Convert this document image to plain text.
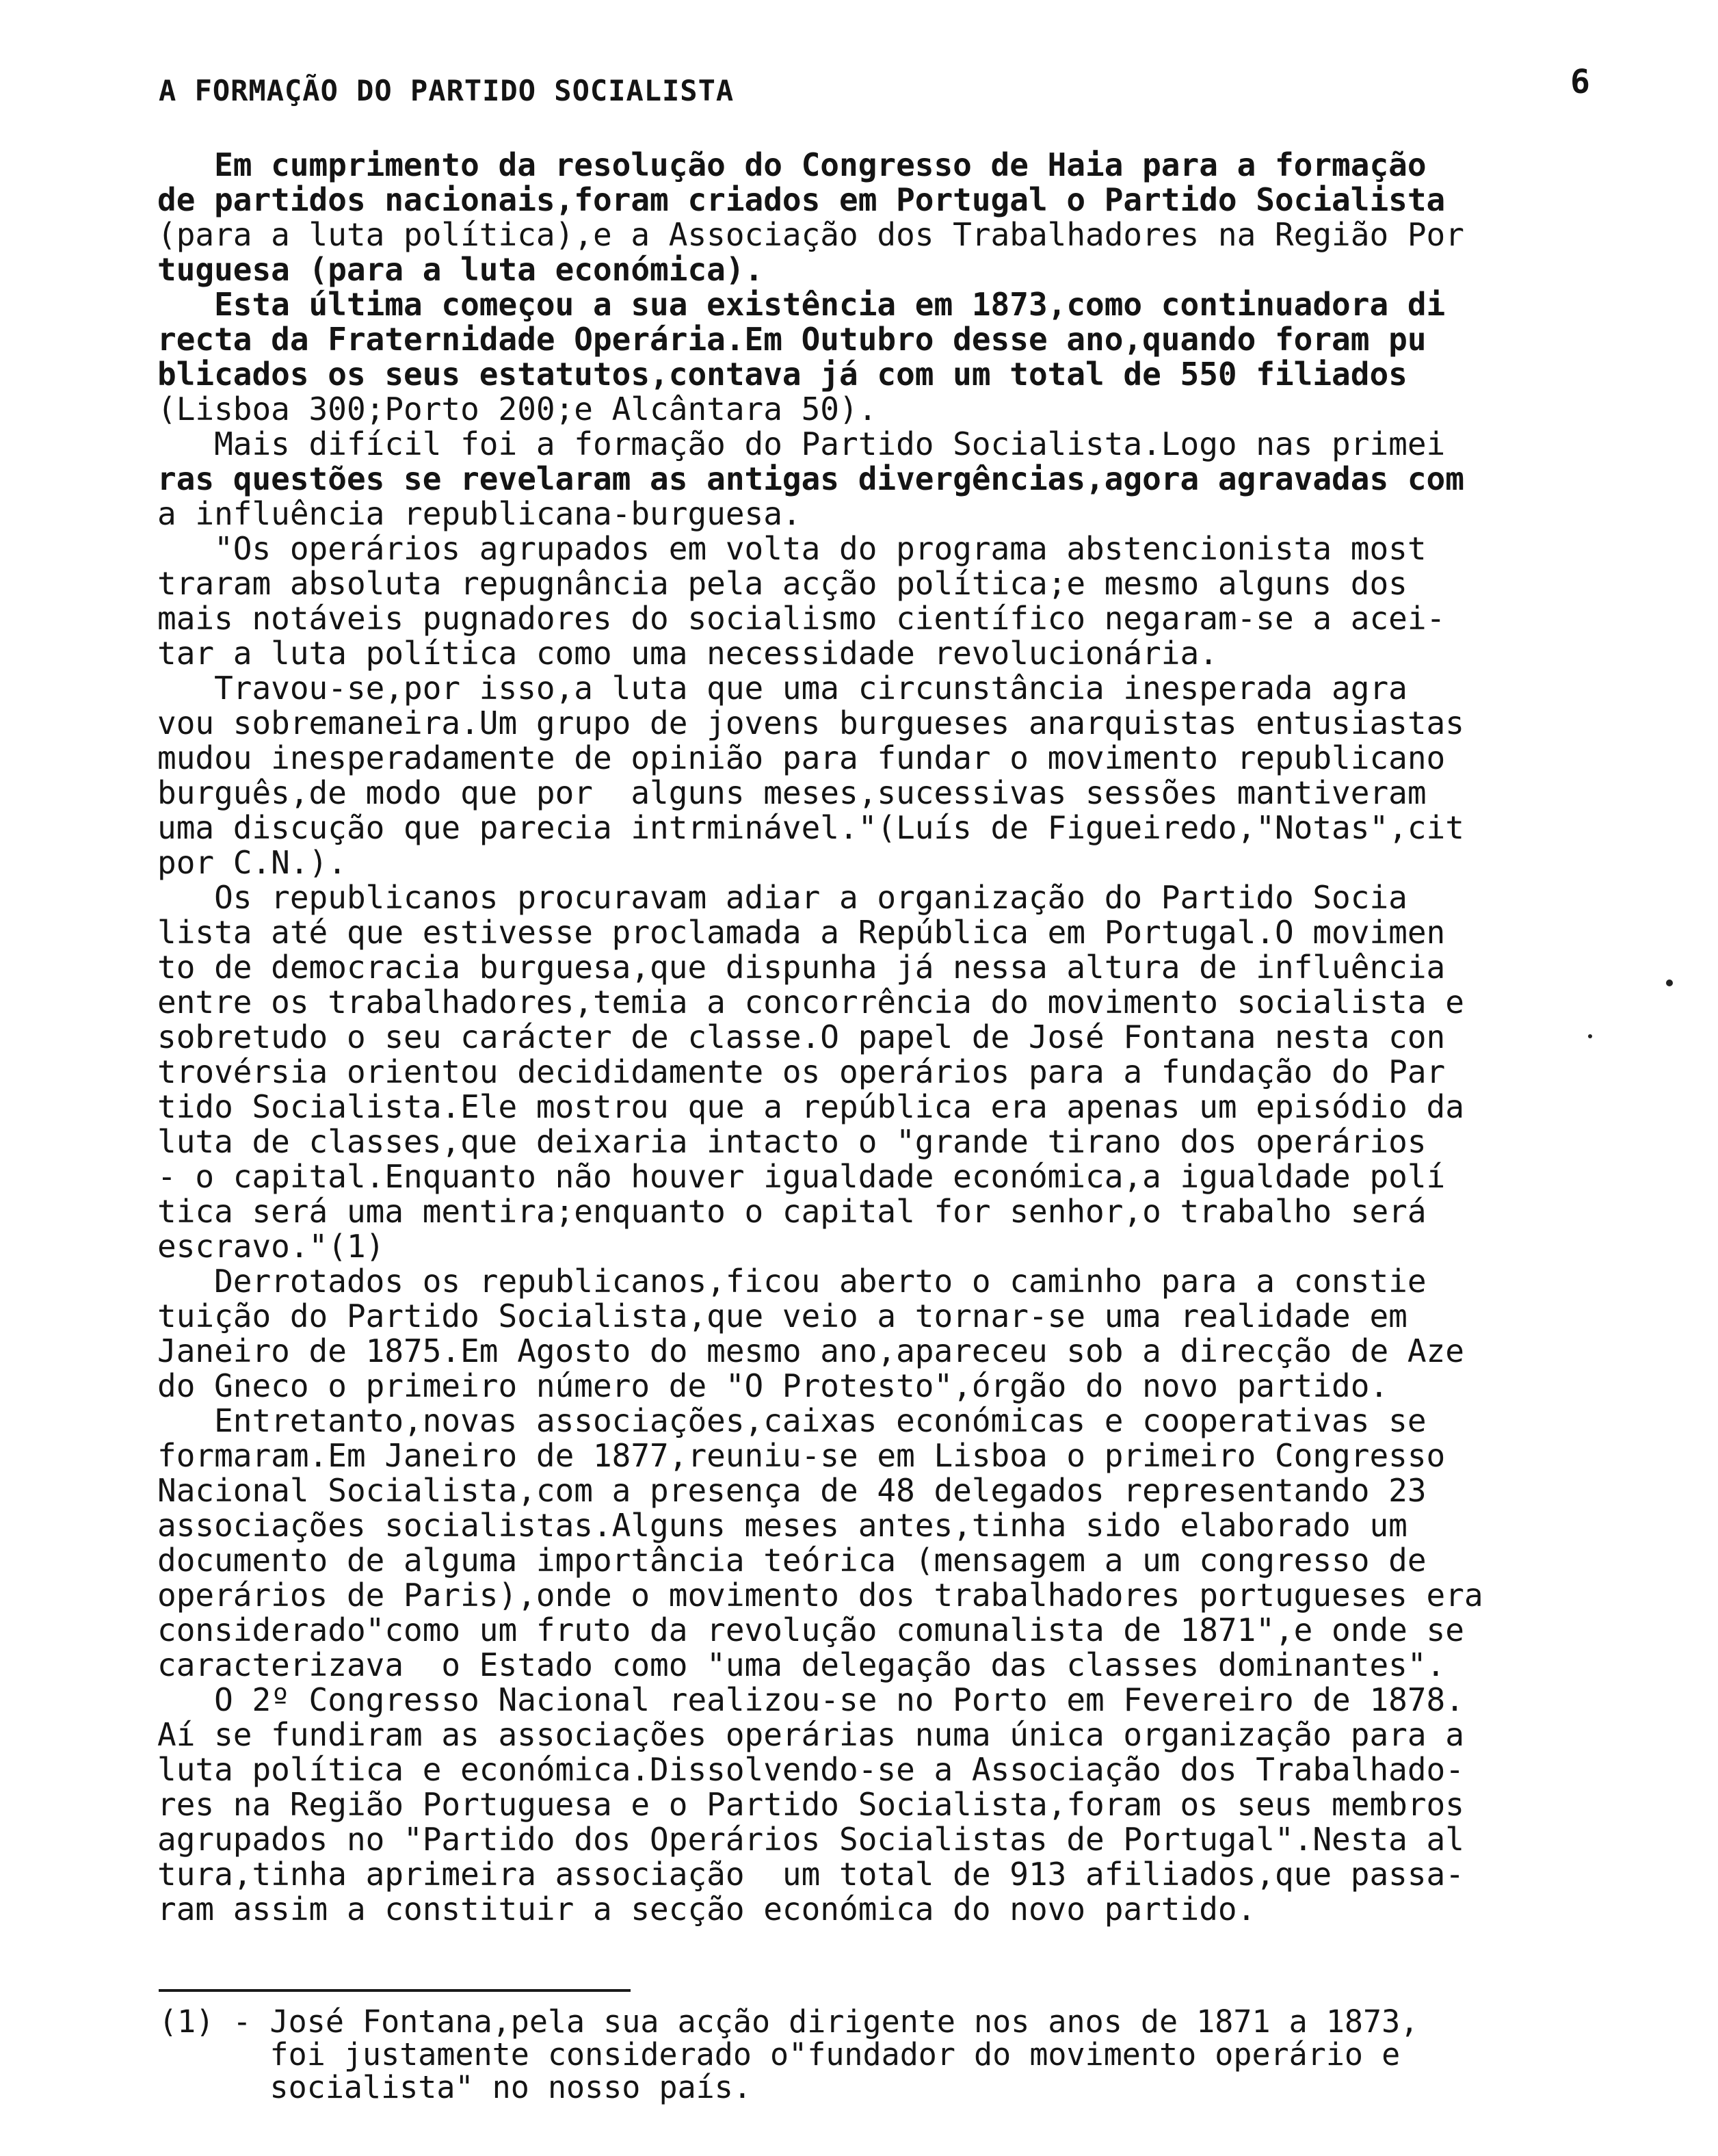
A FORMAÇÃO DO PARTIDO SOCIALISTA	6
Em cumprimento da resolução do Congresso de Haia para a formação
de partidos nacionais,foram criados em Portugal o Partido Socialista
(para a luta política),e a Associação dos Trabalhadores na Região Por
tuguesa (para a luta económica).
Esta última começou a sua existência em 1873,como continuadora di
recta da Fraternidade Operária.Em Outubro desse ano,quando foram pu
blicados os seus estatutos,contava já com um total de 550 filiados
(Lisboa 300;Porto 200;e Alcântara 50).
Mais difícil foi a formação do Partido Socialista.Logo nas primei
ras questões se revelaram as antigas divergências,agora agravadas com
a influência republicana-burguesa.
"Os operários agrupados em volta do programa abstencionista most
traram absoluta repugnância pela acção política;e mesmo alguns dos
mais notáveis pugnadores do socialismo científico negaram-se a acei-
tar a luta política como uma necessidade revolucionária.
Travou-se,por isso,a luta que uma circunstância inesperada agra
vou sobremaneira.Um grupo de jovens burgueses anarquistas entusiastas
mudou inesperadamente de opinião para fundar o movimento republicano
burguês,de modo que por  alguns meses,sucessivas sessões mantiveram
uma discução que parecia intrminável."(Luís de Figueiredo,"Notas",cit
por C.N.).
Os republicanos procuravam adiar a organização do Partido Socia
lista até que estivesse proclamada a República em Portugal.O movimen
to de democracia burguesa,que dispunha já nessa altura de influência
entre os trabalhadores,temia a concorrência do movimento socialista e
sobretudo o seu carácter de classe.O papel de José Fontana nesta con
trovérsia orientou decididamente os operários para a fundação do Par
tido Socialista.Ele mostrou que a república era apenas um episódio da
luta de classes,que deixaria intacto o "grande tirano dos operários
- o capital.Enquanto não houver igualdade económica,a igualdade polí
tica será uma mentira;enquanto o capital for senhor,o trabalho será
escravo."(1)
Derrotados os republicanos,ficou aberto o caminho para a constie
tuição do Partido Socialista,que veio a tornar-se uma realidade em
Janeiro de 1875.Em Agosto do mesmo ano,apareceu sob a direcção de Aze
do Gneco o primeiro número de "O Protesto",órgão do novo partido.
Entretanto,novas associações,caixas económicas e cooperativas se
formaram.Em Janeiro de 1877,reuniu-se em Lisboa o primeiro Congresso
Nacional Socialista,com a presença de 48 delegados representando 23
associações socialistas.Alguns meses antes,tinha sido elaborado um
documento de alguma importância teórica (mensagem a um congresso de
operários de Paris),onde o movimento dos trabalhadores portugueses era
considerado"como um fruto da revolução comunalista de 1871",e onde se
caracterizava  o Estado como "uma delegação das classes dominantes".
O 2º Congresso Nacional realizou-se no Porto em Fevereiro de 1878.
Aí se fundiram as associações operárias numa única organização para a
luta política e económica.Dissolvendo-se a Associação dos Trabalhado-
res na Região Portuguesa e o Partido Socialista,foram os seus membros
agrupados no "Partido dos Operários Socialistas de Portugal".Nesta al
tura,tinha aprimeira associação  um total de 913 afiliados,que passa-
ram assim a constituir a secção económica do novo partido.
(1) - José Fontana,pela sua acção dirigente nos anos de 1871 a 1873,
foi justamente considerado o"fundador do movimento operário e
socialista" no nosso país.
